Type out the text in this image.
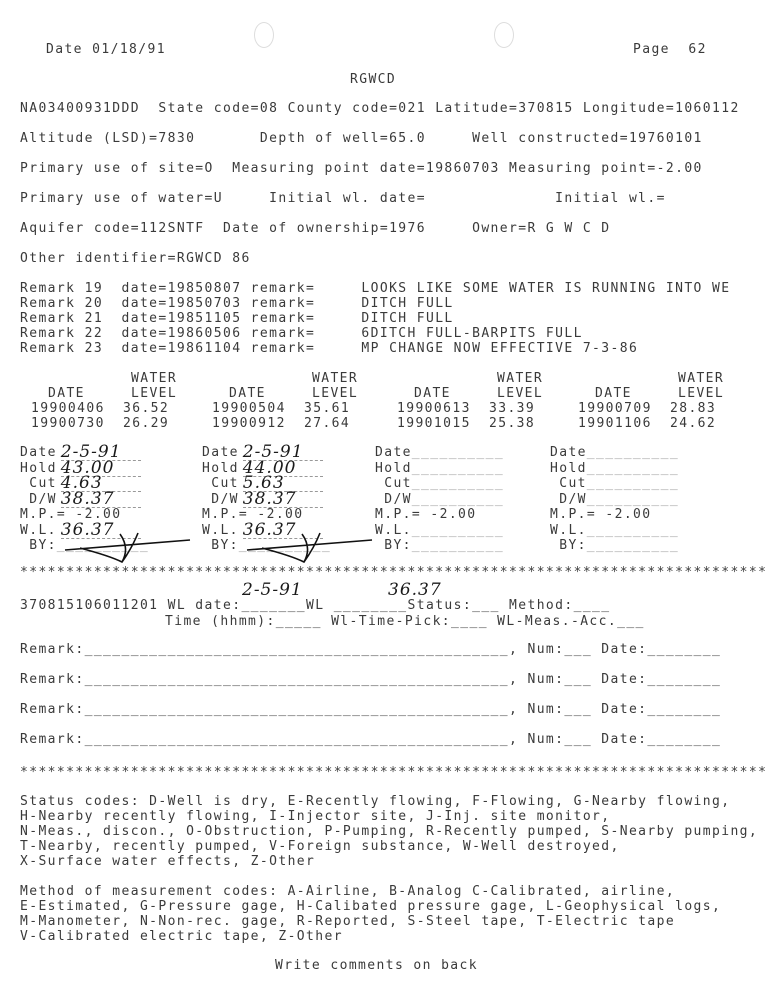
Date 01/18/91	Page  62
RGWCD
NA03400931DDD  State code=08 County code=021 Latitude=370815 Longitude=1060112
Altitude (LSD)=7830       Depth of well=65.0     Well constructed=19760101
Primary use of site=O  Measuring point date=19860703 Measuring point=-2.00
Primary use of water=U     Initial wl. date=              Initial wl.=
Aquifer code=112SNTF  Date of ownership=1976     Owner=R G W C D
Other identifier=RGWCD 86
Remark 19  date=19850807 remark=     LOOKS LIKE SOME WATER IS RUNNING INTO WE
Remark 20  date=19850703 remark=     DITCH FULL
Remark 21  date=19851105 remark=     DITCH FULL
Remark 22  date=19860506 remark=     6DITCH FULL-BARPITS FULL
Remark 23  date=19861104 remark=     MP CHANGE NOW EFFECTIVE 7-3-86
WATER
DATE	LEVEL
19900406 36.52
19900730 26.29
WATER
DATE	LEVEL
19900504 35.61
19900912 27.64
WATER
DATE	LEVEL
19900613 33.39
19901015 25.38
WATER
DATE	LEVEL
19900709 28.83
19901106 24.62
Date 2-5-91
Hold 43.00
Cut 4.63
D/W 38.37
M.P.= -2.00
W.L. 36.37
BY: __________
Date 2-5-91
Hold 44.00
Cut 5.63
D/W 38.37
M.P.= -2.00
W.L. 36.37
BY: __________
Date __________
Hold __________
Cut __________
D/W __________
M.P.= -2.00
W.L. __________
BY: __________
Date __________
Hold __________
Cut __________
D/W __________
M.P.= -2.00
W.L. __________
BY: __________
*********************************************************************************
2-5-91	36.37
370815106011201 WL date:_______WL ________Status:___ Method:____
Time (hhmm):_____ Wl-Time-Pick:____ WL-Meas.-Acc.___
Remark:______________________________________________, Num:___ Date:________
Remark:______________________________________________, Num:___ Date:________
Remark:______________________________________________, Num:___ Date:________
Remark:______________________________________________, Num:___ Date:________
*********************************************************************************
Status codes: D-Well is dry, E-Recently flowing, F-Flowing, G-Nearby flowing,
H-Nearby recently flowing, I-Injector site, J-Inj. site monitor,
N-Meas., discon., O-Obstruction, P-Pumping, R-Recently pumped, S-Nearby pumping,
T-Nearby, recently pumped, V-Foreign substance, W-Well destroyed,
X-Surface water effects, Z-Other
Method of measurement codes: A-Airline, B-Analog C-Calibrated, airline,
E-Estimated, G-Pressure gage, H-Calibated pressure gage, L-Geophysical logs,
M-Manometer, N-Non-rec. gage, R-Reported, S-Steel tape, T-Electric tape
V-Calibrated electric tape, Z-Other
Write comments on back
